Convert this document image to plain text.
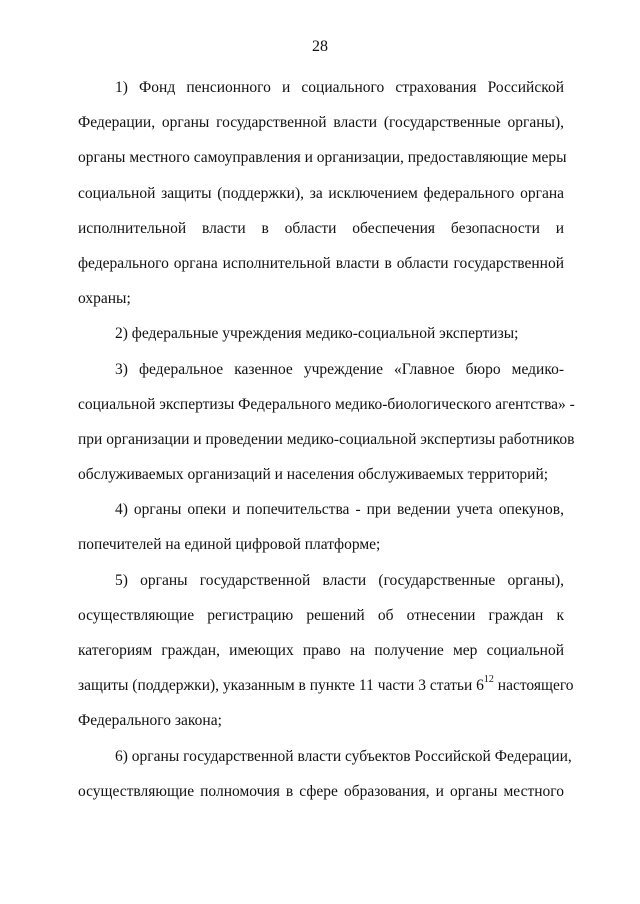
28
1) Фонд пенсионного и социального страхования Российской
Федерации, органы государственной власти (государственные органы),
органы местного самоуправления и организации, предоставляющие меры
социальной защиты (поддержки), за исключением федерального органа
исполнительной власти в области обеспечения безопасности и
федерального органа исполнительной власти в области государственной
охраны;
2) федеральные учреждения медико-социальной экспертизы;
3) федеральное казенное учреждение «Главное бюро медико-
социальной экспертизы Федерального медико-биологического агентства» -
при организации и проведении медико-социальной экспертизы работников
обслуживаемых организаций и населения обслуживаемых территорий;
4) органы опеки и попечительства - при ведении учета опекунов,
попечителей на единой цифровой платформе;
5) органы государственной власти (государственные органы),
осуществляющие регистрацию решений об отнесении граждан к
категориям граждан, имеющих право на получение мер социальной
защиты (поддержки), указанным в пункте 11 части 3 статьи $6^{12}$ настоящего
Федерального закона;
6) органы государственной власти субъектов Российской Федерации,
осуществляющие полномочия в сфере образования, и органы местного
